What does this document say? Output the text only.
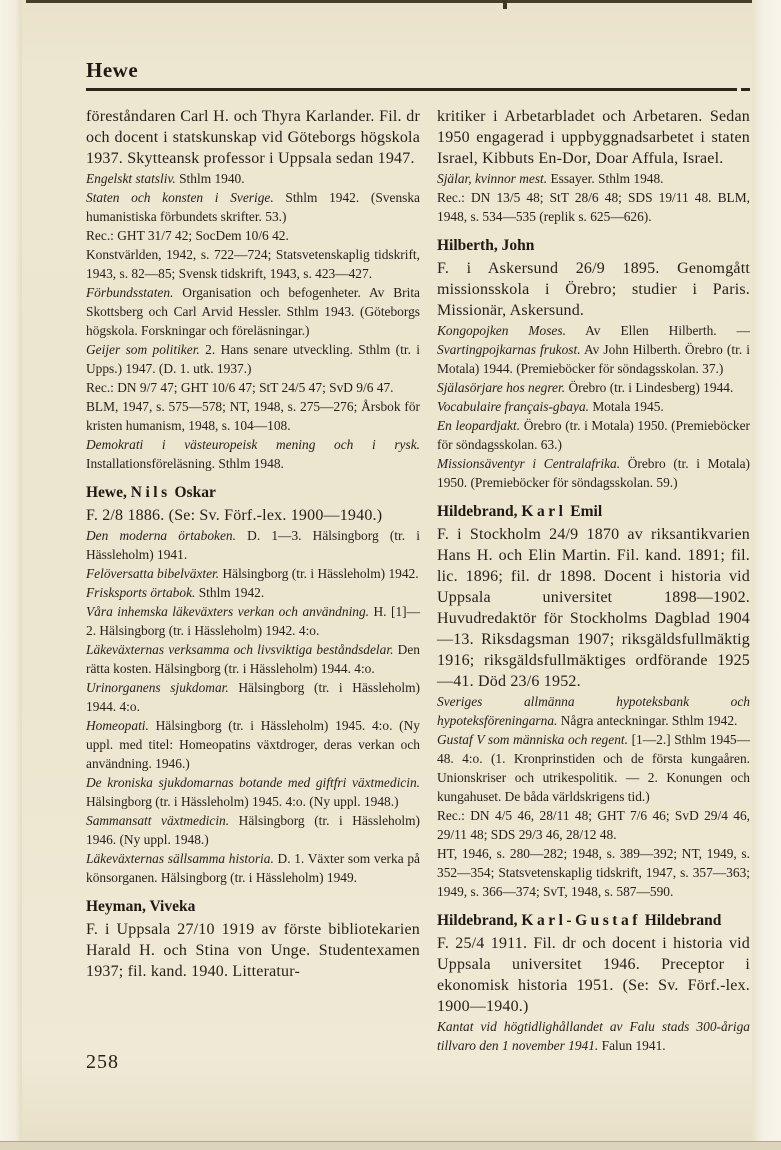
Hewe

föreståndaren Carl H. och Thyra Karlander. Fil. dr och docent i statskunskap vid Göteborgs högskola 1937. Skytteansk professor i Uppsala sedan 1947.

Engelskt statsliv. Sthlm 1940.

Staten och konsten i Sverige. Sthlm 1942. (Svenska humanistiska förbundets skrifter. 53.)

Rec.: GHT 31/7 42; SocDem 10/6 42.

Konstvärlden, 1942, s. 722—724; Statsvetenskaplig tidskrift, 1943, s. 82—85; Svensk tidskrift, 1943, s. 423—427.

Förbundsstaten. Organisation och befogenheter. Av Brita Skottsberg och Carl Arvid Hessler. Sthlm 1943. (Göteborgs högskola. Forskningar och föreläsningar.)

Geijer som politiker. 2. Hans senare utveckling. Sthlm (tr. i Upps.) 1947. (D. 1. utk. 1937.)

Rec.: DN 9/7 47; GHT 10/6 47; StT 24/5 47; SvD 9/6 47.

BLM, 1947, s. 575—578; NT, 1948, s. 275—276; Årsbok för kristen humanism, 1948, s. 104—108.

Demokrati i västeuropeisk mening och i rysk. Installationsföreläsning. Sthlm 1948.

Hewe, Nils Oskar

F. 2/8 1886. (Se: Sv. Förf.-lex. 1900—1940.)

Den moderna örtaboken. D. 1—3. Hälsingborg (tr. i Hässleholm) 1941.

Felöversatta bibelväxter. Hälsingborg (tr. i Hässleholm) 1942.

Frisksports örtabok. Sthlm 1942.

Våra inhemska läkeväxters verkan och användning. H. [1]—2. Hälsingborg (tr. i Hässleholm) 1942. 4:o.

Läkeväxternas verksamma och livsviktiga beståndsdelar. Den rätta kosten. Hälsingborg (tr. i Hässleholm) 1944. 4:o.

Urinorganens sjukdomar. Hälsingborg (tr. i Hässleholm) 1944. 4:o.

Homeopati. Hälsingborg (tr. i Hässleholm) 1945. 4:o. (Ny uppl. med titel: Homeopatins växtdroger, deras verkan och användning. 1946.)

De kroniska sjukdomarnas botande med giftfri växtmedicin. Hälsingborg (tr. i Hässleholm) 1945. 4:o. (Ny uppl. 1948.)

Sammansatt växtmedicin. Hälsingborg (tr. i Hässleholm) 1946. (Ny uppl. 1948.)

Läkeväxternas sällsamma historia. D. 1. Växter som verka på könsorganen. Hälsingborg (tr. i Hässleholm) 1949.

Heyman, Viveka

F. i Uppsala 27/10 1919 av förste bibliotekarien Harald H. och Stina von Unge. Studentexamen 1937; fil. kand. 1940. Litteratur-

kritiker i Arbetarbladet och Arbetaren. Sedan 1950 engagerad i uppbyggnadsarbetet i staten Israel, Kibbuts En-Dor, Doar Affula, Israel.

Själar, kvinnor mest. Essayer. Sthlm 1948.

Rec.: DN 13/5 48; StT 28/6 48; SDS 19/11 48. BLM, 1948, s. 534—535 (replik s. 625—626).

Hilberth, John

F. i Askersund 26/9 1895. Genomgått missionsskola i Örebro; studier i Paris. Missionär, Askersund.

Kongopojken Moses. Av Ellen Hilberth. — Svartingpojkarnas frukost. Av John Hilberth. Örebro (tr. i Motala) 1944. (Premieböcker för söndagsskolan. 37.)

Själasörjare hos negrer. Örebro (tr. i Lindesberg) 1944.

Vocabulaire français-gbaya. Motala 1945.

En leopardjakt. Örebro (tr. i Motala) 1950. (Premieböcker för söndagsskolan. 63.)

Missionsäventyr i Centralafrika. Örebro (tr. i Motala) 1950. (Premieböcker för söndagsskolan. 59.)

Hildebrand, Karl Emil

F. i Stockholm 24/9 1870 av riksantikvarien Hans H. och Elin Martin. Fil. kand. 1891; fil. lic. 1896; fil. dr 1898. Docent i historia vid Uppsala universitet 1898—1902. Huvudredaktör för Stockholms Dagblad 1904—13. Riksdagsman 1907; riksgäldsfullmäktig 1916; riksgäldsfullmäktiges ordförande 1925—41. Död 23/6 1952.

Sveriges allmänna hypoteksbank och hypoteksföreningarna. Några anteckningar. Sthlm 1942.

Gustaf V som människa och regent. [1—2.] Sthlm 1945—48. 4:o. (1. Kronprinstiden och de första kungaåren. Unionskriser och utrikespolitik. — 2. Konungen och kungahuset. De båda världskrigens tid.)

Rec.: DN 4/5 46, 28/11 48; GHT 7/6 46; SvD 29/4 46, 29/11 48; SDS 29/3 46, 28/12 48.

HT, 1946, s. 280—282; 1948, s. 389—392; NT, 1949, s. 352—354; Statsvetenskaplig tidskrift, 1947, s. 357—363; 1949, s. 366—374; SvT, 1948, s. 587—590.

Hildebrand, Karl-Gustaf Hildebrand

F. 25/4 1911. Fil. dr och docent i historia vid Uppsala universitet 1946. Preceptor i ekonomisk historia 1951. (Se: Sv. Förf.-lex. 1900—1940.)

Kantat vid högtidlighållandet av Falu stads 300-åriga tillvaro den 1 november 1941. Falun 1941.

258
